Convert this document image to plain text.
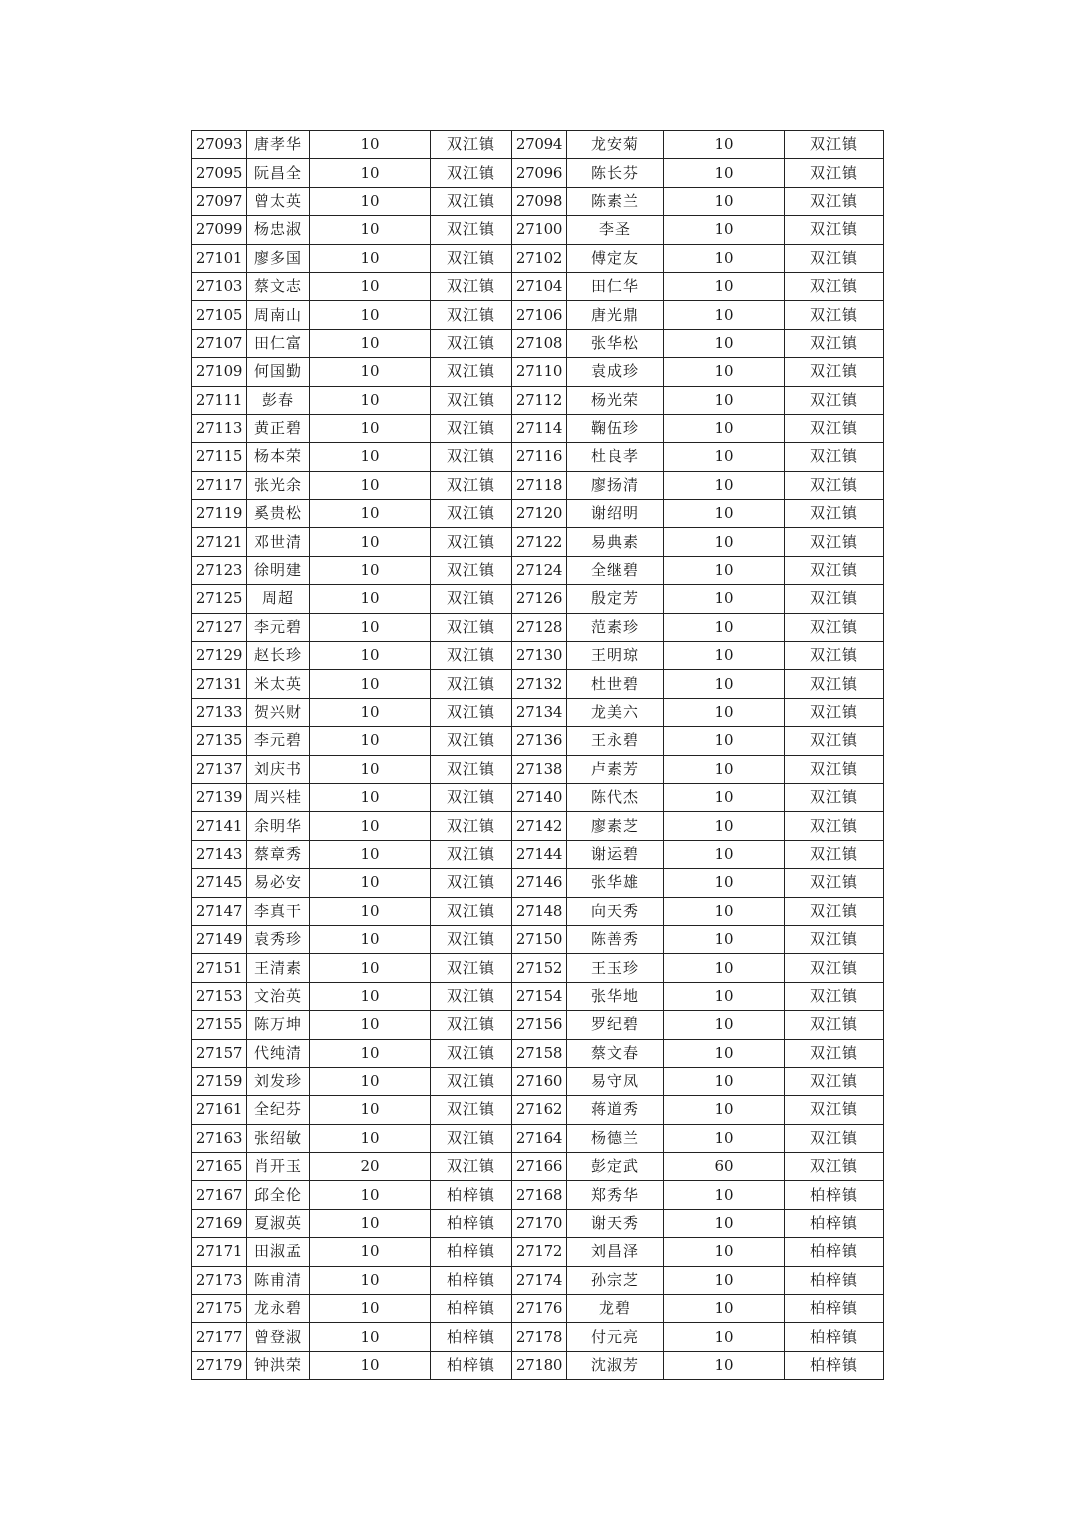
27093	唐孝华	10	双江镇	27094	龙安菊	10	双江镇
27095	阮昌全	10	双江镇	27096	陈长芬	10	双江镇
27097	曾太英	10	双江镇	27098	陈素兰	10	双江镇
27099	杨忠淑	10	双江镇	27100	李圣	10	双江镇
27101	廖多国	10	双江镇	27102	傅定友	10	双江镇
27103	蔡文志	10	双江镇	27104	田仁华	10	双江镇
27105	周南山	10	双江镇	27106	唐光鼎	10	双江镇
27107	田仁富	10	双江镇	27108	张华松	10	双江镇
27109	何国勤	10	双江镇	27110	袁成珍	10	双江镇
27111	彭春	10	双江镇	27112	杨光荣	10	双江镇
27113	黄正碧	10	双江镇	27114	鞠伍珍	10	双江镇
27115	杨本荣	10	双江镇	27116	杜良孝	10	双江镇
27117	张光余	10	双江镇	27118	廖扬清	10	双江镇
27119	奚贵松	10	双江镇	27120	谢绍明	10	双江镇
27121	邓世清	10	双江镇	27122	易典素	10	双江镇
27123	徐明建	10	双江镇	27124	全继碧	10	双江镇
27125	周超	10	双江镇	27126	殷定芳	10	双江镇
27127	李元碧	10	双江镇	27128	范素珍	10	双江镇
27129	赵长珍	10	双江镇	27130	王明琼	10	双江镇
27131	米太英	10	双江镇	27132	杜世碧	10	双江镇
27133	贺兴财	10	双江镇	27134	龙美六	10	双江镇
27135	李元碧	10	双江镇	27136	王永碧	10	双江镇
27137	刘庆书	10	双江镇	27138	卢素芳	10	双江镇
27139	周兴桂	10	双江镇	27140	陈代杰	10	双江镇
27141	余明华	10	双江镇	27142	廖素芝	10	双江镇
27143	蔡章秀	10	双江镇	27144	谢运碧	10	双江镇
27145	易必安	10	双江镇	27146	张华雄	10	双江镇
27147	李真干	10	双江镇	27148	向天秀	10	双江镇
27149	袁秀珍	10	双江镇	27150	陈善秀	10	双江镇
27151	王清素	10	双江镇	27152	王玉珍	10	双江镇
27153	文治英	10	双江镇	27154	张华地	10	双江镇
27155	陈万坤	10	双江镇	27156	罗纪碧	10	双江镇
27157	代纯清	10	双江镇	27158	蔡文春	10	双江镇
27159	刘发珍	10	双江镇	27160	易守凤	10	双江镇
27161	全纪芬	10	双江镇	27162	蒋道秀	10	双江镇
27163	张绍敏	10	双江镇	27164	杨德兰	10	双江镇
27165	肖开玉	20	双江镇	27166	彭定武	60	双江镇
27167	邱全伦	10	柏梓镇	27168	郑秀华	10	柏梓镇
27169	夏淑英	10	柏梓镇	27170	谢天秀	10	柏梓镇
27171	田淑孟	10	柏梓镇	27172	刘昌泽	10	柏梓镇
27173	陈甫清	10	柏梓镇	27174	孙宗芝	10	柏梓镇
27175	龙永碧	10	柏梓镇	27176	龙碧	10	柏梓镇
27177	曾登淑	10	柏梓镇	27178	付元亮	10	柏梓镇
27179	钟洪荣	10	柏梓镇	27180	沈淑芳	10	柏梓镇
